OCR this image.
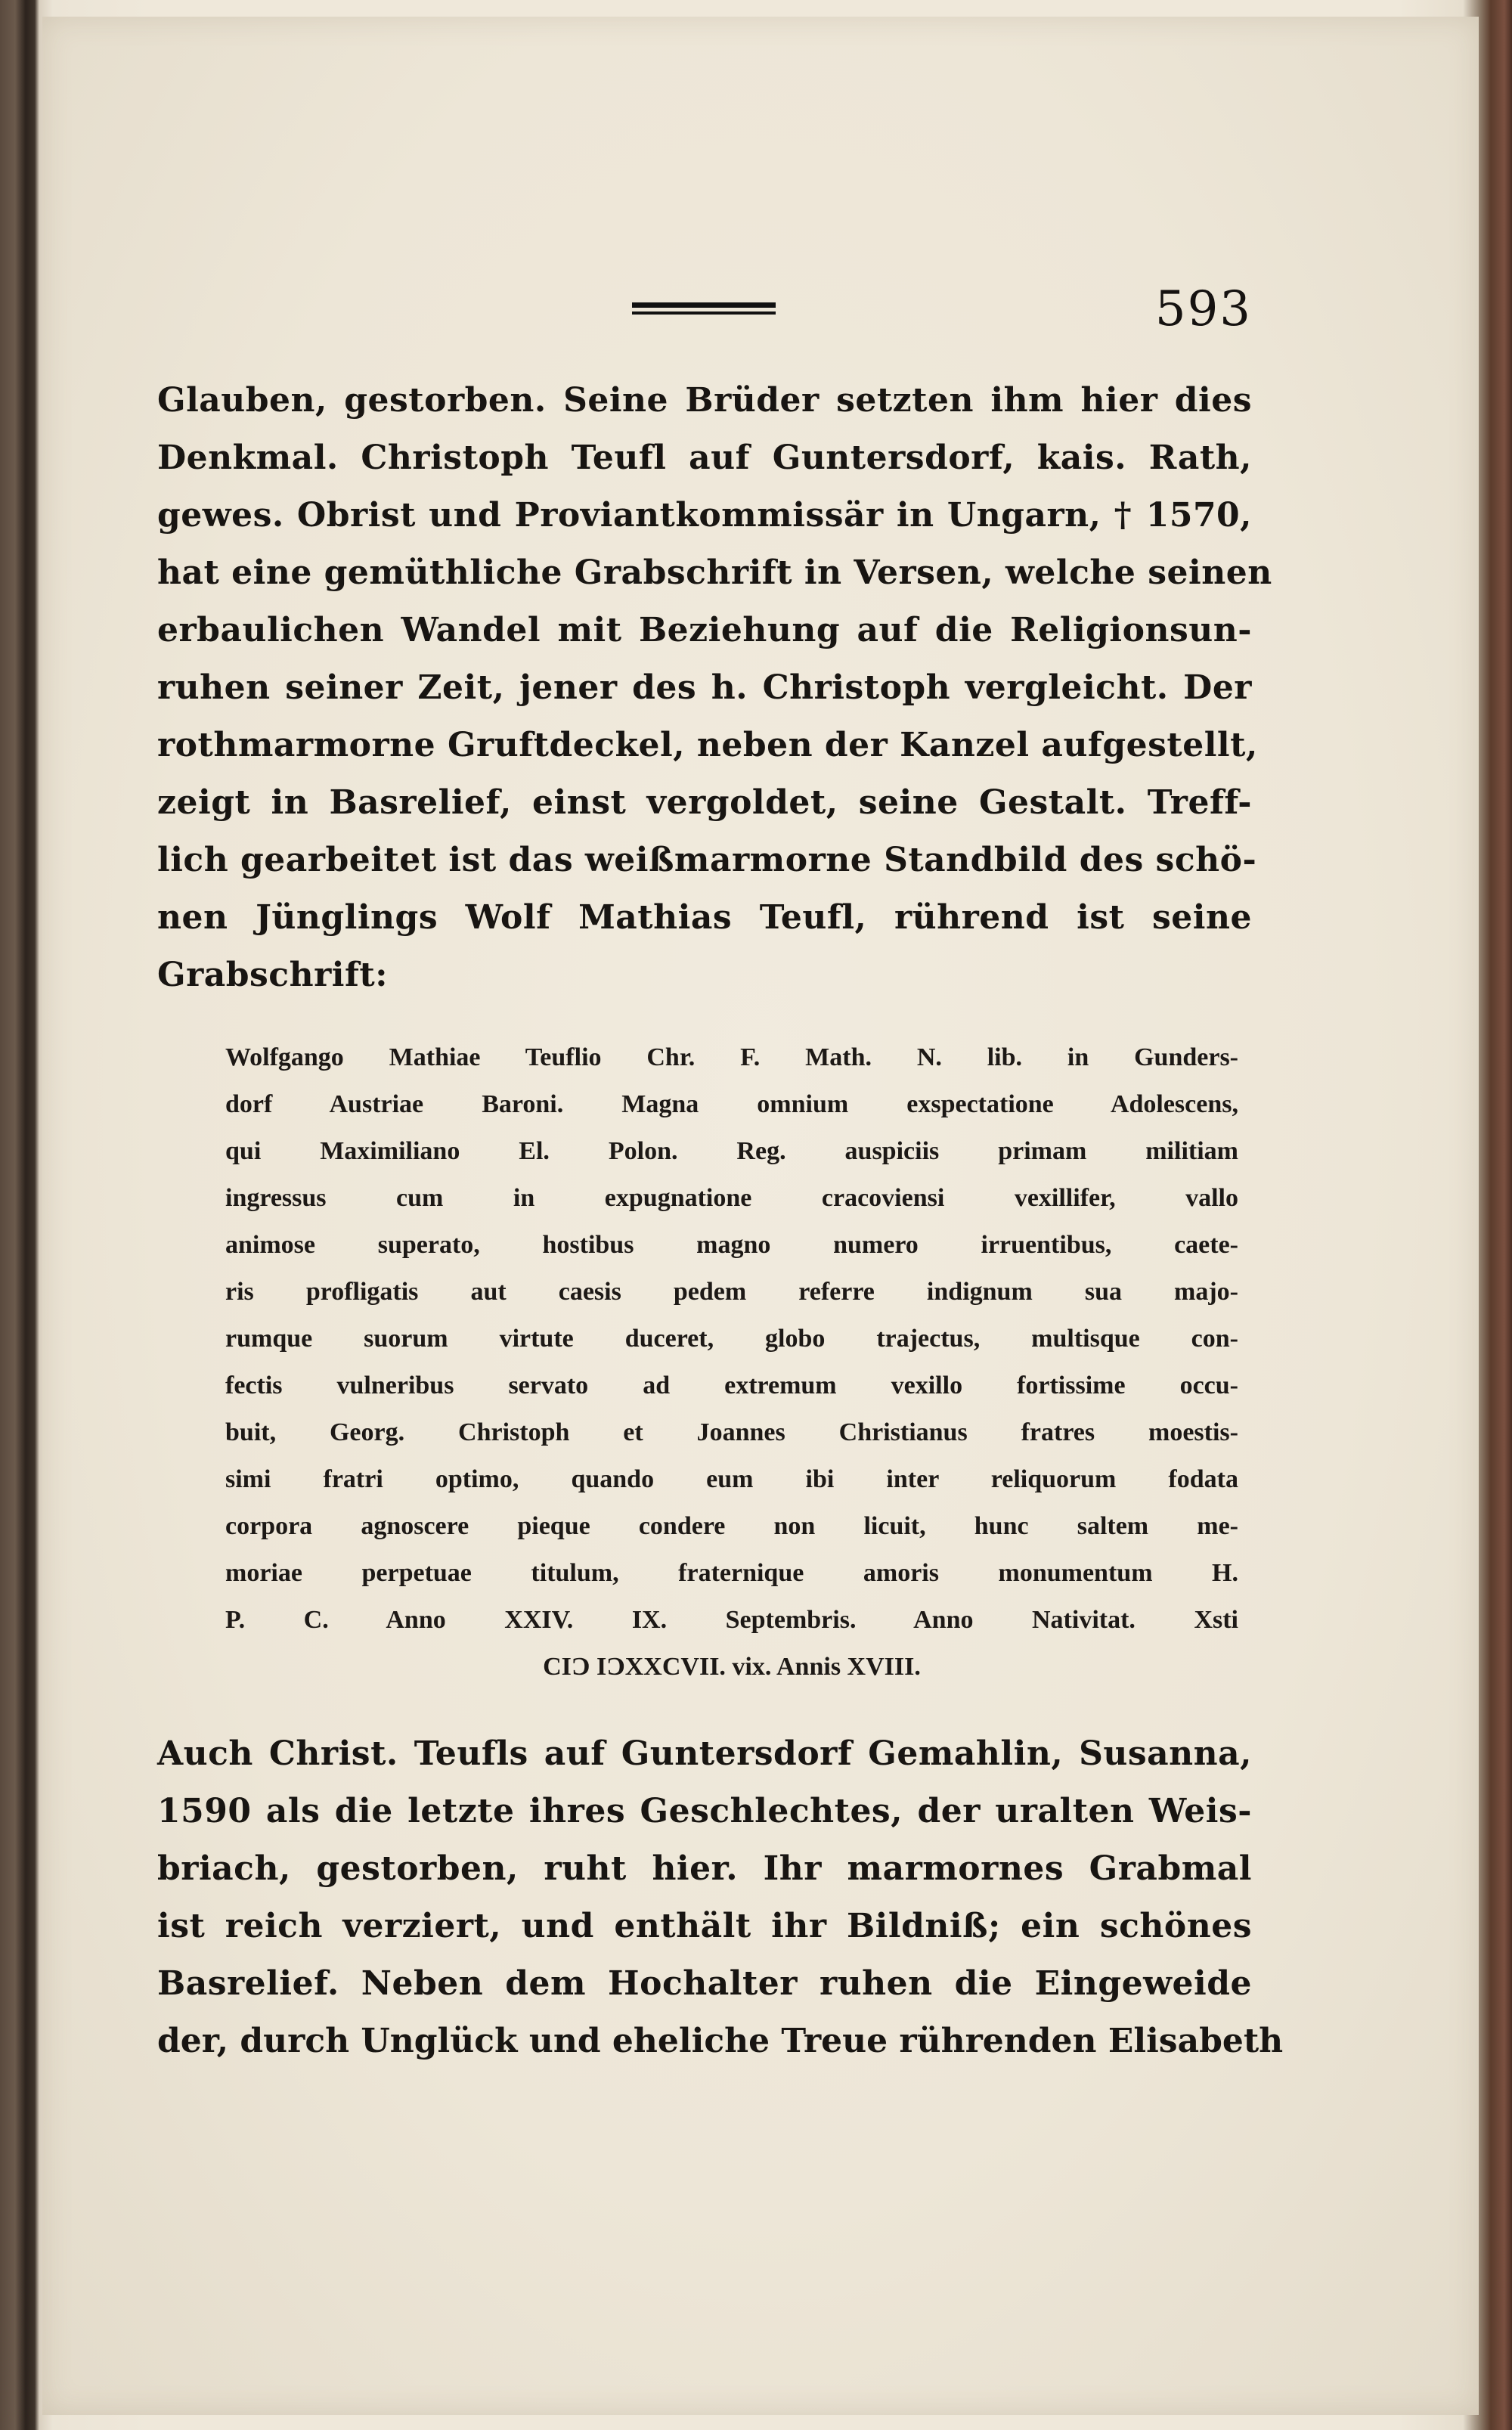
593
Glauben, gestorben. Seine Brüder setzten ihm hier dies
Denkmal. Christoph Teufl auf Guntersdorf, kais. Rath,
gewes. Obrist und Proviantkommissär in Ungarn, † 1570,
hat eine gemüthliche Grabschrift in Versen, welche seinen
erbaulichen Wandel mit Beziehung auf die Religionsun-
ruhen seiner Zeit, jener des h. Christoph vergleicht. Der
rothmarmorne Gruftdeckel, neben der Kanzel aufgestellt,
zeigt in Basrelief, einst vergoldet, seine Gestalt. Treff-
lich gearbeitet ist das weißmarmorne Standbild des schö-
nen Jünglings Wolf Mathias Teufl, rührend ist seine
Grabschrift:
Wolfgango Mathiae Teuflio Chr. F. Math. N. lib. in Gunders-
dorf Austriae Baroni. Magna omnium exspectatione Adolescens,
qui Maximiliano El. Polon. Reg. auspiciis primam militiam
ingressus cum in expugnatione cracoviensi vexillifer, vallo
animose superato, hostibus magno numero irruentibus, caete-
ris profligatis aut caesis pedem referre indignum sua majo-
rumque suorum virtute duceret, globo trajectus, multisque con-
fectis vulneribus servato ad extremum vexillo fortissime occu-
buit, Georg. Christoph et Joannes Christianus fratres moestis-
simi fratri optimo, quando eum ibi inter reliquorum fodata
corpora agnoscere pieque condere non licuit, hunc saltem me-
moriae perpetuae titulum, fraternique amoris monumentum H.
P. C. Anno XXIV. IX. Septembris. Anno Nativitat. Xsti
CIƆ IƆXXCVII. vix. Annis XVIII.
Auch Christ. Teufls auf Guntersdorf Gemahlin, Susanna,
1590 als die letzte ihres Geschlechtes, der uralten Weis-
briach, gestorben, ruht hier. Ihr marmornes Grabmal
ist reich verziert, und enthält ihr Bildniß; ein schönes
Basrelief. Neben dem Hochalter ruhen die Eingeweide
der, durch Unglück und eheliche Treue rührenden Elisabeth
